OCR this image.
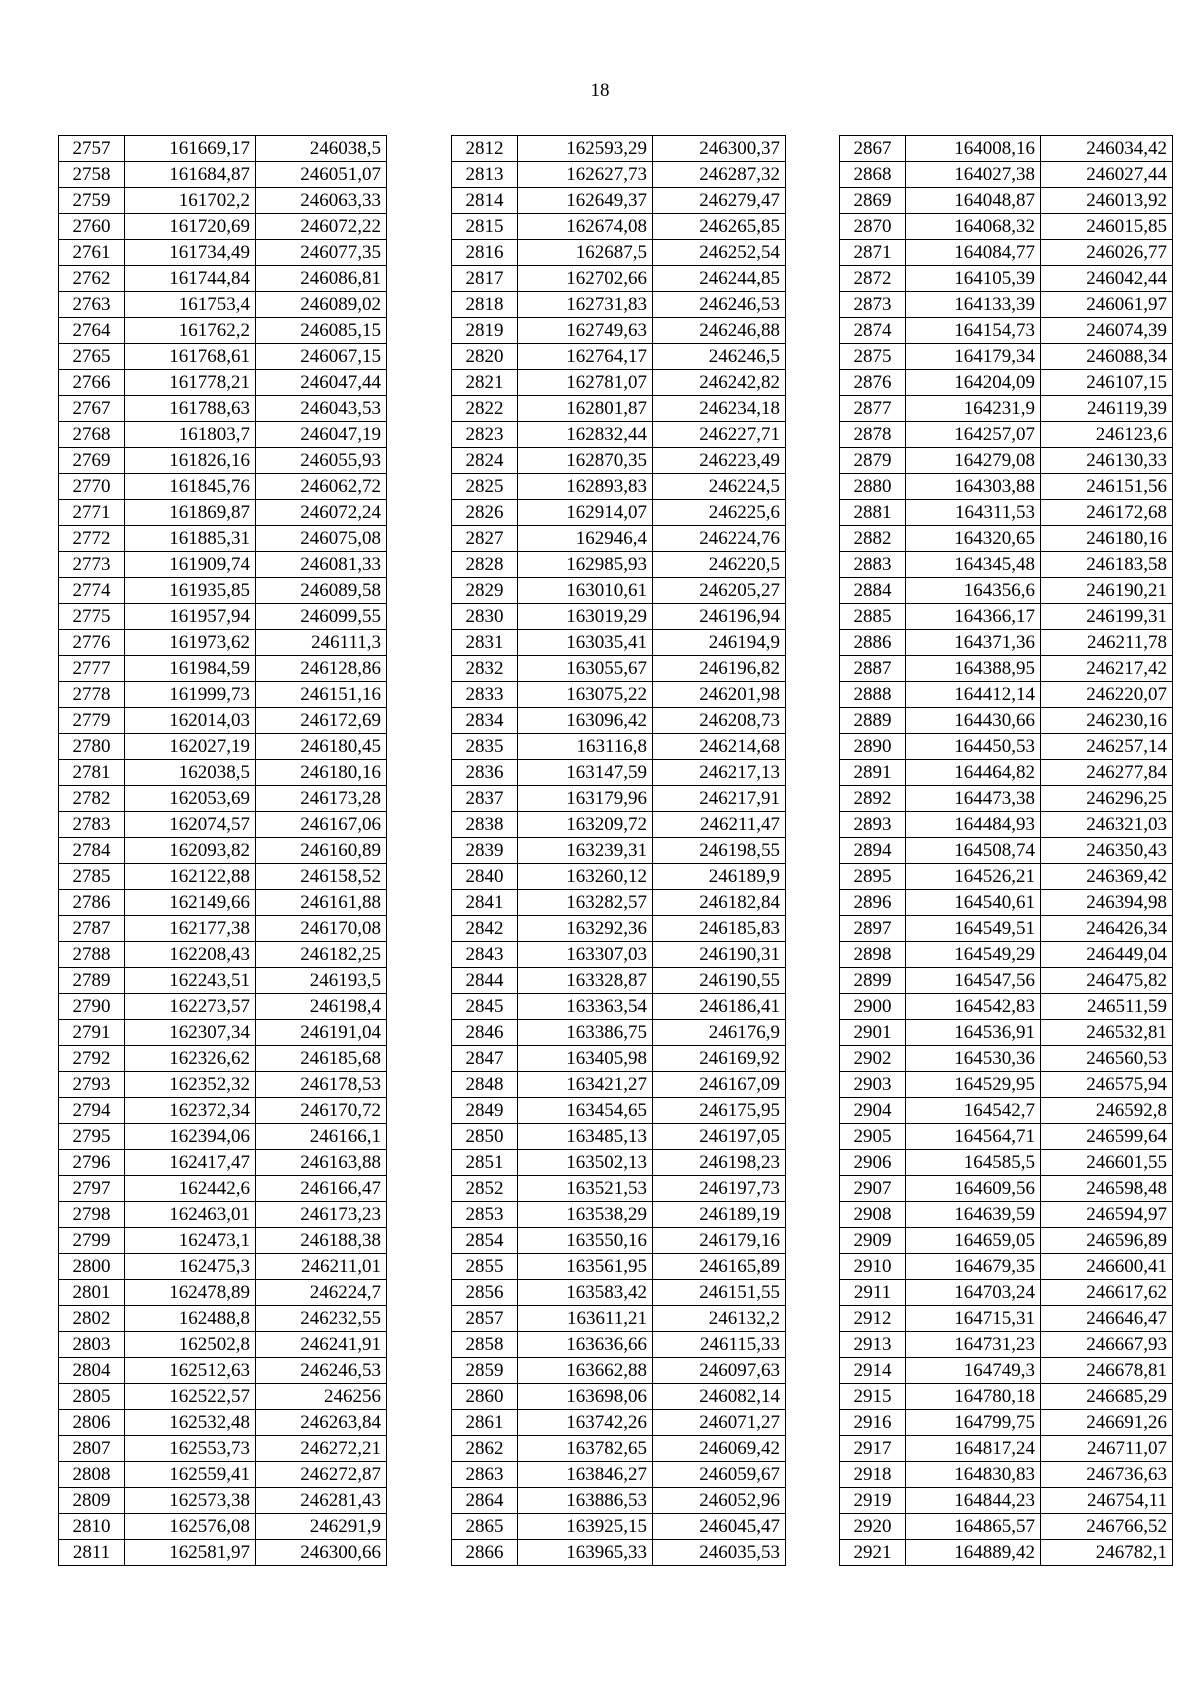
18
2757	161669,17	246038,5
2758	161684,87	246051,07
2759	161702,2	246063,33
2760	161720,69	246072,22
2761	161734,49	246077,35
2762	161744,84	246086,81
2763	161753,4	246089,02
2764	161762,2	246085,15
2765	161768,61	246067,15
2766	161778,21	246047,44
2767	161788,63	246043,53
2768	161803,7	246047,19
2769	161826,16	246055,93
2770	161845,76	246062,72
2771	161869,87	246072,24
2772	161885,31	246075,08
2773	161909,74	246081,33
2774	161935,85	246089,58
2775	161957,94	246099,55
2776	161973,62	246111,3
2777	161984,59	246128,86
2778	161999,73	246151,16
2779	162014,03	246172,69
2780	162027,19	246180,45
2781	162038,5	246180,16
2782	162053,69	246173,28
2783	162074,57	246167,06
2784	162093,82	246160,89
2785	162122,88	246158,52
2786	162149,66	246161,88
2787	162177,38	246170,08
2788	162208,43	246182,25
2789	162243,51	246193,5
2790	162273,57	246198,4
2791	162307,34	246191,04
2792	162326,62	246185,68
2793	162352,32	246178,53
2794	162372,34	246170,72
2795	162394,06	246166,1
2796	162417,47	246163,88
2797	162442,6	246166,47
2798	162463,01	246173,23
2799	162473,1	246188,38
2800	162475,3	246211,01
2801	162478,89	246224,7
2802	162488,8	246232,55
2803	162502,8	246241,91
2804	162512,63	246246,53
2805	162522,57	246256
2806	162532,48	246263,84
2807	162553,73	246272,21
2808	162559,41	246272,87
2809	162573,38	246281,43
2810	162576,08	246291,9
2811	162581,97	246300,66
2812	162593,29	246300,37
2813	162627,73	246287,32
2814	162649,37	246279,47
2815	162674,08	246265,85
2816	162687,5	246252,54
2817	162702,66	246244,85
2818	162731,83	246246,53
2819	162749,63	246246,88
2820	162764,17	246246,5
2821	162781,07	246242,82
2822	162801,87	246234,18
2823	162832,44	246227,71
2824	162870,35	246223,49
2825	162893,83	246224,5
2826	162914,07	246225,6
2827	162946,4	246224,76
2828	162985,93	246220,5
2829	163010,61	246205,27
2830	163019,29	246196,94
2831	163035,41	246194,9
2832	163055,67	246196,82
2833	163075,22	246201,98
2834	163096,42	246208,73
2835	163116,8	246214,68
2836	163147,59	246217,13
2837	163179,96	246217,91
2838	163209,72	246211,47
2839	163239,31	246198,55
2840	163260,12	246189,9
2841	163282,57	246182,84
2842	163292,36	246185,83
2843	163307,03	246190,31
2844	163328,87	246190,55
2845	163363,54	246186,41
2846	163386,75	246176,9
2847	163405,98	246169,92
2848	163421,27	246167,09
2849	163454,65	246175,95
2850	163485,13	246197,05
2851	163502,13	246198,23
2852	163521,53	246197,73
2853	163538,29	246189,19
2854	163550,16	246179,16
2855	163561,95	246165,89
2856	163583,42	246151,55
2857	163611,21	246132,2
2858	163636,66	246115,33
2859	163662,88	246097,63
2860	163698,06	246082,14
2861	163742,26	246071,27
2862	163782,65	246069,42
2863	163846,27	246059,67
2864	163886,53	246052,96
2865	163925,15	246045,47
2866	163965,33	246035,53
2867	164008,16	246034,42
2868	164027,38	246027,44
2869	164048,87	246013,92
2870	164068,32	246015,85
2871	164084,77	246026,77
2872	164105,39	246042,44
2873	164133,39	246061,97
2874	164154,73	246074,39
2875	164179,34	246088,34
2876	164204,09	246107,15
2877	164231,9	246119,39
2878	164257,07	246123,6
2879	164279,08	246130,33
2880	164303,88	246151,56
2881	164311,53	246172,68
2882	164320,65	246180,16
2883	164345,48	246183,58
2884	164356,6	246190,21
2885	164366,17	246199,31
2886	164371,36	246211,78
2887	164388,95	246217,42
2888	164412,14	246220,07
2889	164430,66	246230,16
2890	164450,53	246257,14
2891	164464,82	246277,84
2892	164473,38	246296,25
2893	164484,93	246321,03
2894	164508,74	246350,43
2895	164526,21	246369,42
2896	164540,61	246394,98
2897	164549,51	246426,34
2898	164549,29	246449,04
2899	164547,56	246475,82
2900	164542,83	246511,59
2901	164536,91	246532,81
2902	164530,36	246560,53
2903	164529,95	246575,94
2904	164542,7	246592,8
2905	164564,71	246599,64
2906	164585,5	246601,55
2907	164609,56	246598,48
2908	164639,59	246594,97
2909	164659,05	246596,89
2910	164679,35	246600,41
2911	164703,24	246617,62
2912	164715,31	246646,47
2913	164731,23	246667,93
2914	164749,3	246678,81
2915	164780,18	246685,29
2916	164799,75	246691,26
2917	164817,24	246711,07
2918	164830,83	246736,63
2919	164844,23	246754,11
2920	164865,57	246766,52
2921	164889,42	246782,1
